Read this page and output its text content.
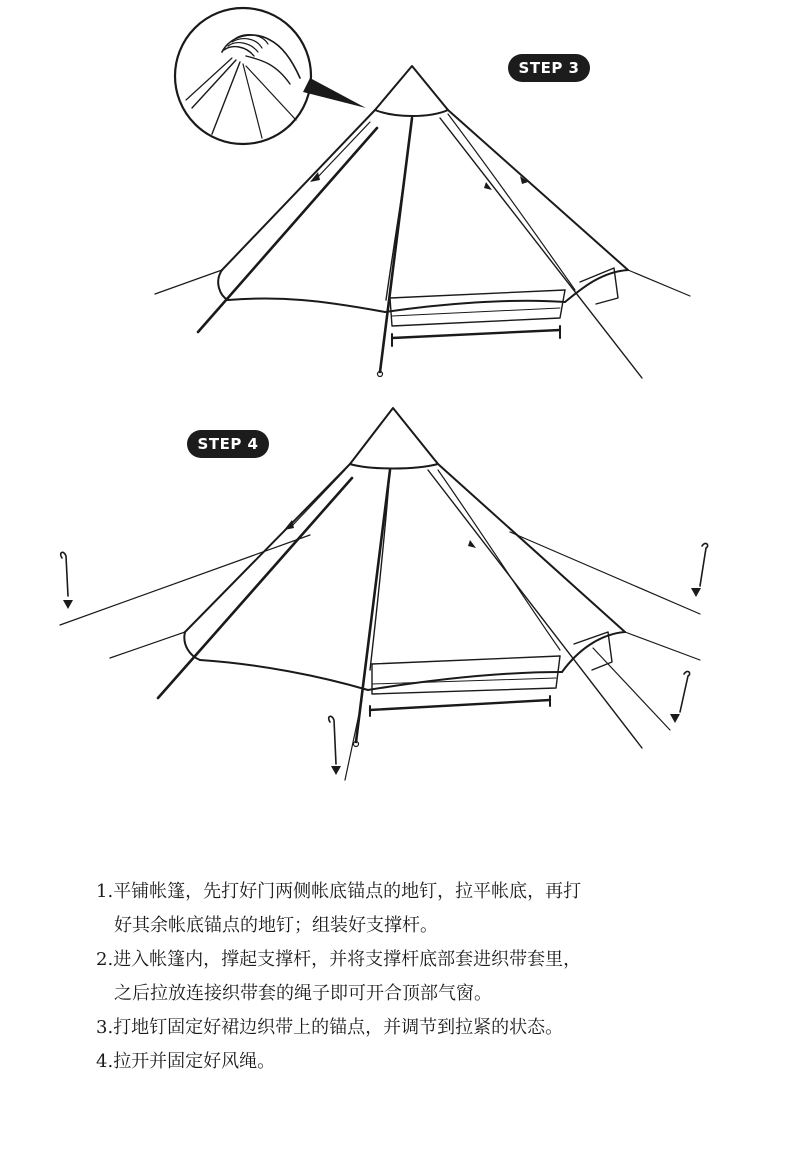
STEP 3
STEP 4
1.平铺帐篷，先打好门两侧帐底锚点的地钉，拉平帐底，再打
好其余帐底锚点的地钉；组装好支撑杆。
2.进入帐篷内，撑起支撑杆，并将支撑杆底部套进织带套里，
之后拉放连接织带套的绳子即可开合顶部气窗。
3.打地钉固定好裙边织带上的锚点，并调节到拉紧的状态。
4.拉开并固定好风绳。
